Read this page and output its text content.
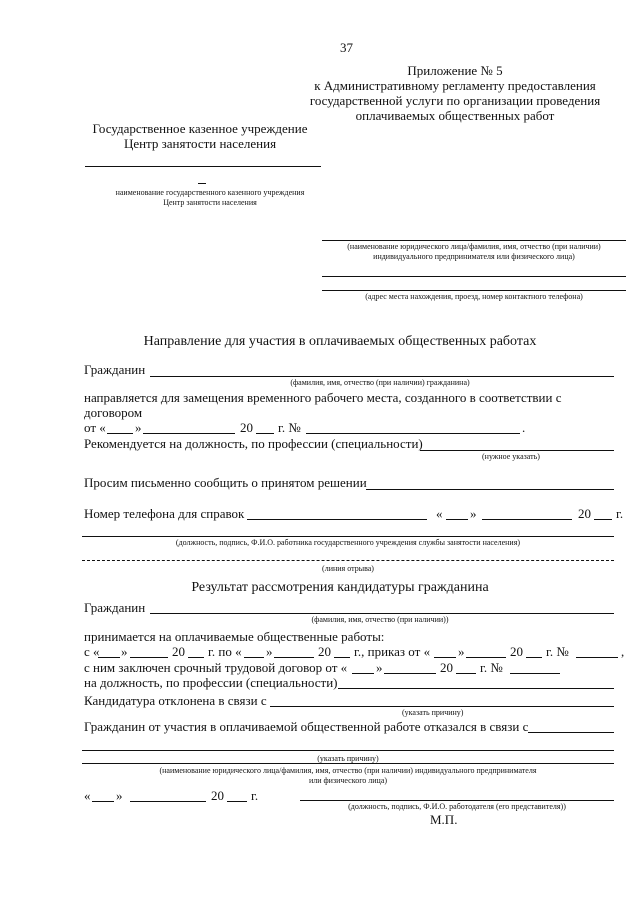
37
Приложение № 5
к Административному регламенту предоставления
государственной услуги по организации проведения
оплачиваемых общественных работ
Государственное казенное учреждение
Центр занятости населения
наименование государственного казенного учреждения
Центр занятости населения
(наименование юридического лица/фамилия, имя, отчество (при наличии)
индивидуального предпринимателя или физического лица)
(адрес места нахождения, проезд, номер контактного телефона)
Направление для участия в оплачиваемых общественных работах
Гражданин
(фамилия, имя, отчество (при наличии) гражданина)
направляется для замещения временного рабочего места, созданного в соответствии с
договором
от « »	20 г. №	.
Рекомендуется на должность, по профессии (специальности)
(нужное указать)
Просим письменно сообщить о принятом решении
Номер телефона для справок	« »	20 г.
(должность, подпись, Ф.И.О. работника государственного учреждения службы занятости населения)
(линия отрыва)
Результат рассмотрения кандидатуры гражданина
Гражданин
(фамилия, имя, отчество (при наличии))
принимается на оплачиваемые общественные работы:
с « »	20 г. по « »	20 г., приказ от « »	20 г. №	,
с ним заключен срочный трудовой договор от « »	20 г. №
на должность, по профессии (специальности)
Кандидатура отклонена в связи с
(указать причину)
Гражданин от участия в оплачиваемой общественной работе отказался в связи с
(указать причину)
(наименование юридического лица/фамилия, имя, отчество (при наличии) индивидуального предпринимателя
или физического лица)
« »	20 г.
(должность, подпись, Ф.И.О. работодателя (его представителя))
М.П.
